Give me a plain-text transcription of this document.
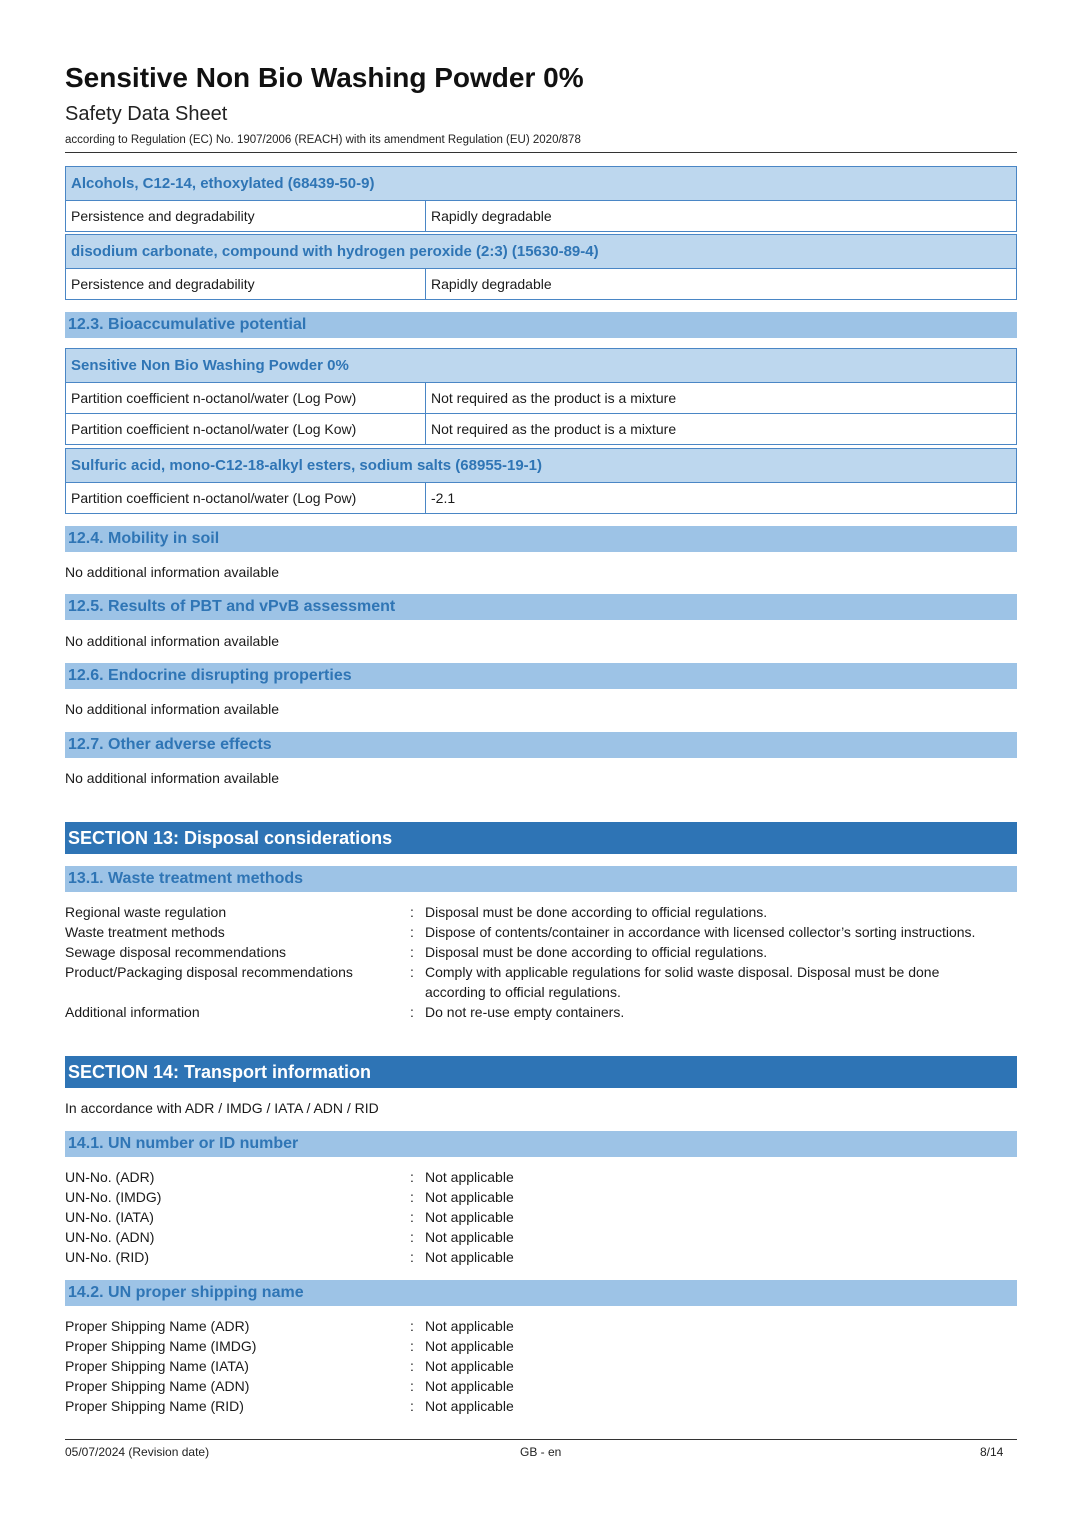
Sensitive Non Bio Washing Powder 0%
Safety Data Sheet
according to Regulation (EC) No. 1907/2006 (REACH) with its amendment Regulation (EU) 2020/878
Alcohols, C12-14, ethoxylated (68439-50-9)
Persistence and degradability	Rapidly degradable
disodium carbonate, compound with hydrogen peroxide (2:3) (15630-89-4)
Persistence and degradability	Rapidly degradable
12.3. Bioaccumulative potential
Sensitive Non Bio Washing Powder 0%
Partition coefficient n-octanol/water (Log Pow)	Not required as the product is a mixture
Partition coefficient n-octanol/water (Log Kow)	Not required as the product is a mixture
Sulfuric acid, mono-C12-18-alkyl esters, sodium salts (68955-19-1)
Partition coefficient n-octanol/water (Log Pow)	-2.1
12.4. Mobility in soil
No additional information available
12.5. Results of PBT and vPvB assessment
No additional information available
12.6. Endocrine disrupting properties
No additional information available
12.7. Other adverse effects
No additional information available
SECTION 13: Disposal considerations
13.1. Waste treatment methods
Regional waste regulation	: Disposal must be done according to official regulations.
Waste treatment methods	: Dispose of contents/container in accordance with licensed collector’s sorting instructions.
Sewage disposal recommendations	: Disposal must be done according to official regulations.
Product/Packaging disposal recommendations	: Comply with applicable regulations for solid waste disposal. Disposal must be done according to official regulations.
Additional information	: Do not re-use empty containers.
SECTION 14: Transport information
In accordance with ADR / IMDG / IATA / ADN / RID
14.1. UN number or ID number
UN-No. (ADR)	: Not applicable
UN-No. (IMDG)	: Not applicable
UN-No. (IATA)	: Not applicable
UN-No. (ADN)	: Not applicable
UN-No. (RID)	: Not applicable
14.2. UN proper shipping name
Proper Shipping Name (ADR)	: Not applicable
Proper Shipping Name (IMDG)	: Not applicable
Proper Shipping Name (IATA)	: Not applicable
Proper Shipping Name (ADN)	: Not applicable
Proper Shipping Name (RID)	: Not applicable
05/07/2024 (Revision date)	GB - en	8/14
